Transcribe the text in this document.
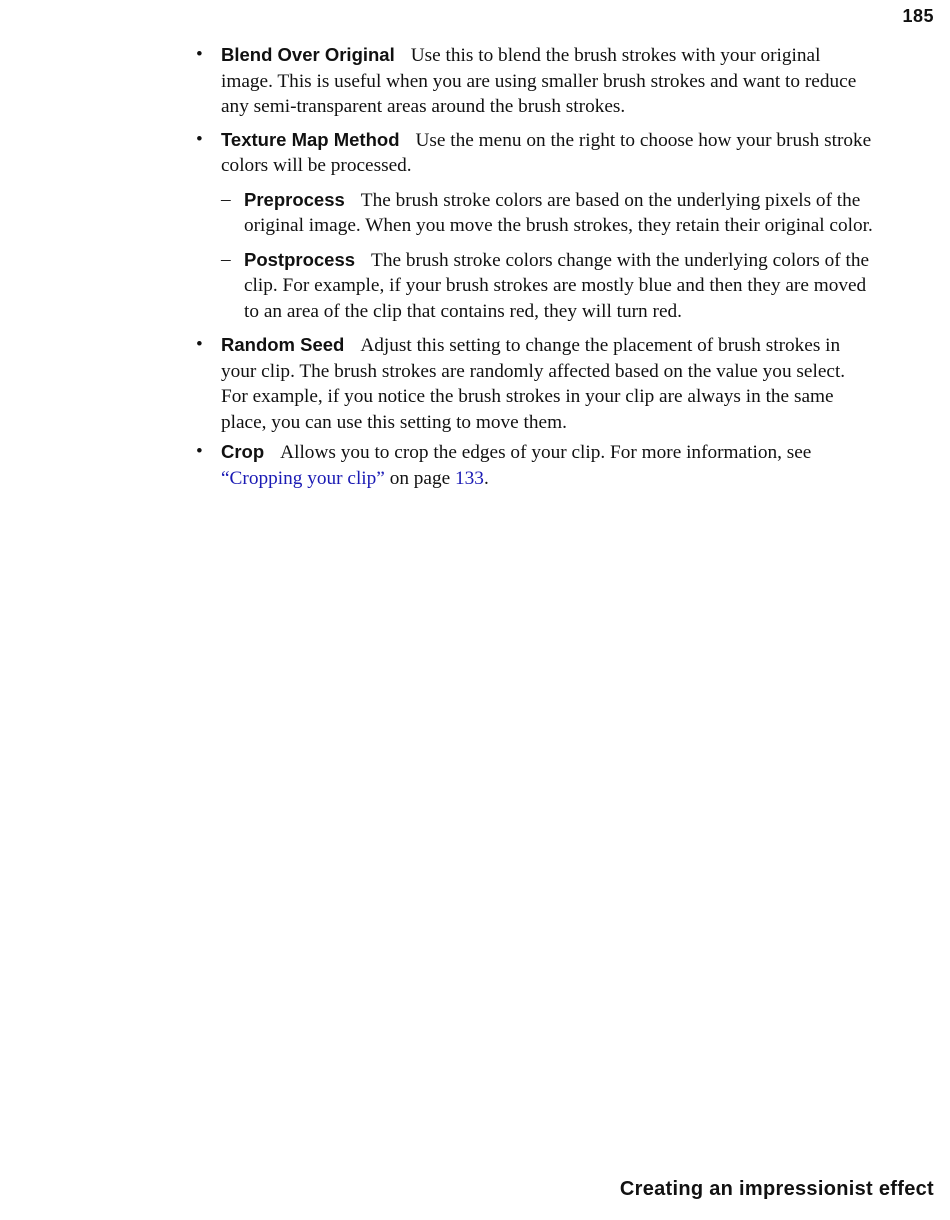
185
• Blend Over Original Use this to blend the brush strokes with your original image. This is useful when you are using smaller brush strokes and want to reduce any semi-transparent areas around the brush strokes.
• Texture Map Method Use the menu on the right to choose how your brush stroke colors will be processed.
– Preprocess The brush stroke colors are based on the underlying pixels of the original image. When you move the brush strokes, they retain their original color.
– Postprocess The brush stroke colors change with the underlying colors of the clip. For example, if your brush strokes are mostly blue and then they are moved to an area of the clip that contains red, they will turn red.
• Random Seed Adjust this setting to change the placement of brush strokes in your clip. The brush strokes are randomly affected based on the value you select. For example, if you notice the brush strokes in your clip are always in the same place, you can use this setting to move them.
• Crop Allows you to crop the edges of your clip. For more information, see “Cropping your clip” on page 133.
Creating an impressionist effect
